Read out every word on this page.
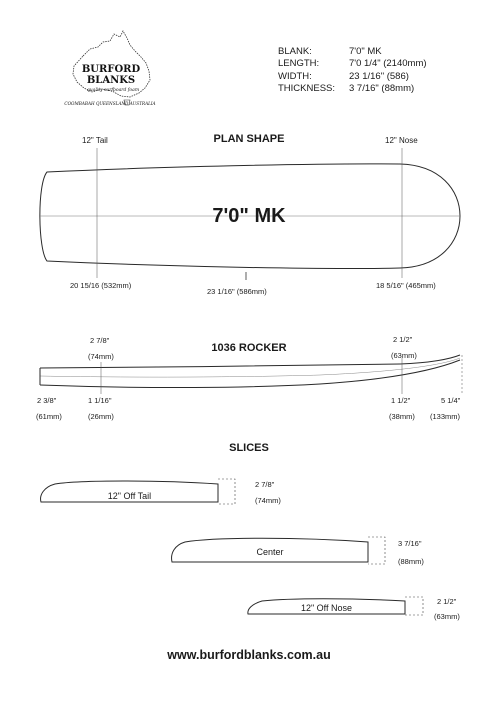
BURFORD
BLANKS
quality surfboard foam
COOMBABAH QUEENSLAND AUSTRALIA
BLANK:
LENGTH:
WIDTH:
THICKNESS:
7'0" MK
7'0 1/4" (2140mm)
23 1/16" (586)
3 7/16" (88mm)
PLAN SHAPE
12" Tail	12" Nose
7'0" MK
20 15/16 (532mm)
23 1/16" (586mm)
18 5/16" (465mm)
1036 ROCKER
2 7/8"
(74mm)
2 1/2"
(63mm)
2 3/8"
(61mm)
1 1/16"
(26mm)
1 1/2"
(38mm)
5 1/4"
(133mm)
SLICES
12" Off Tail
2 7/8"
(74mm)
Center
3 7/16"
(88mm)
12" Off Nose
2 1/2"
(63mm)
www.burfordblanks.com.au
